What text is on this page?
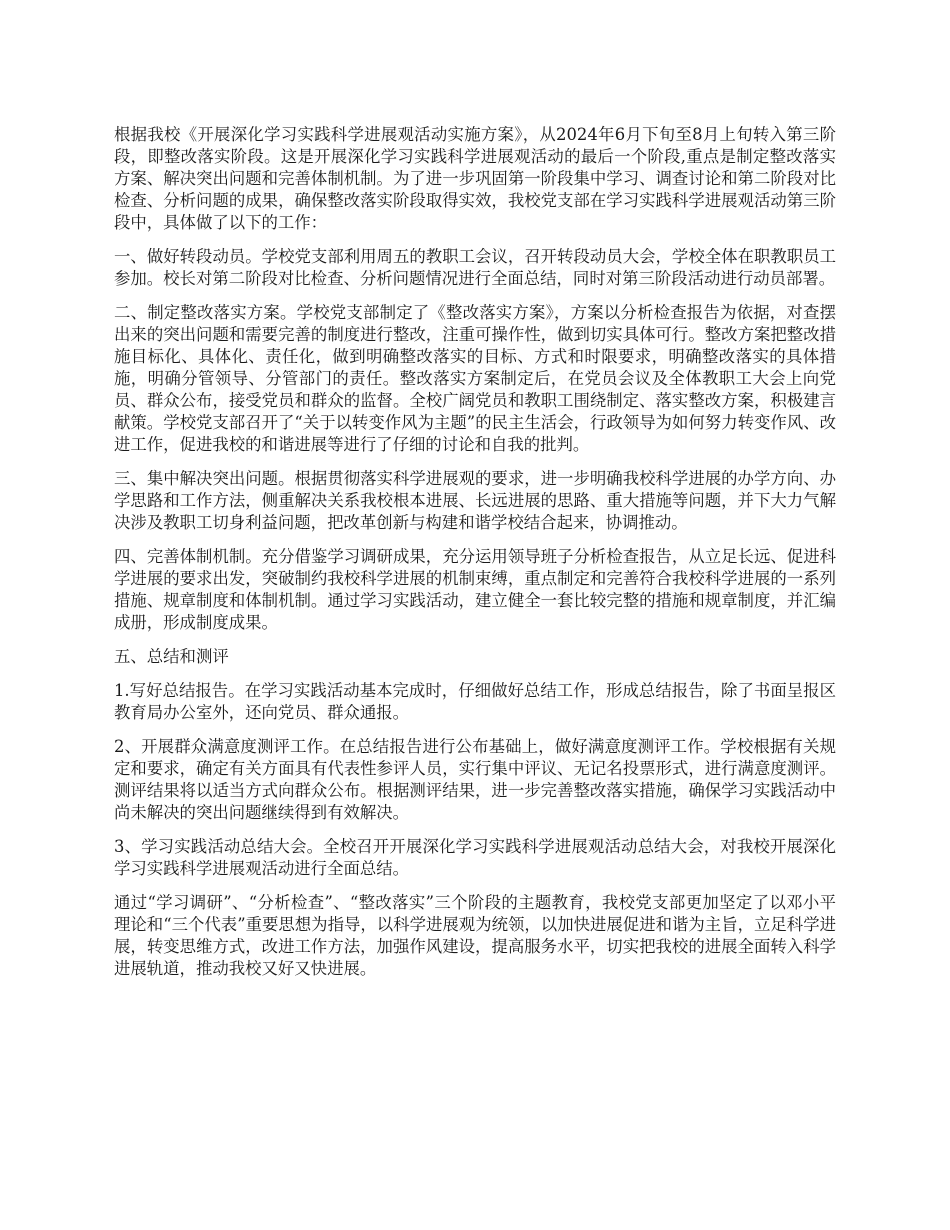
根据我校《开展深化学习实践科学进展观活动实施方案》，从2024年6月下旬至8月上旬转入第三阶段，即整改落实阶段。这是开展深化学习实践科学进展观活动的最后一个阶段,重点是制定整改落实方案、解决突出问题和完善体制机制。为了进一步巩固第一阶段集中学习、调查讨论和第二阶段对比检查、分析问题的成果，确保整改落实阶段取得实效，我校党支部在学习实践科学进展观活动第三阶段中，具体做了以下的工作：

一、做好转段动员。学校党支部利用周五的教职工会议，召开转段动员大会，学校全体在职教职员工参加。校长对第二阶段对比检查、分析问题情况进行全面总结，同时对第三阶段活动进行动员部署。

二、制定整改落实方案。学校党支部制定了《整改落实方案》，方案以分析检查报告为依据，对查摆出来的突出问题和需要完善的制度进行整改，注重可操作性，做到切实具体可行。整改方案把整改措施目标化、具体化、责任化，做到明确整改落实的目标、方式和时限要求，明确整改落实的具体措施，明确分管领导、分管部门的责任。整改落实方案制定后，在党员会议及全体教职工大会上向党员、群众公布，接受党员和群众的监督。全校广阔党员和教职工围绕制定、落实整改方案，积极建言献策。学校党支部召开了“关于以转变作风为主题”的民主生活会，行政领导为如何努力转变作风、改进工作，促进我校的和谐进展等进行了仔细的讨论和自我的批判。

三、集中解决突出问题。根据贯彻落实科学进展观的要求，进一步明确我校科学进展的办学方向、办学思路和工作方法，侧重解决关系我校根本进展、长远进展的思路、重大措施等问题，并下大力气解决涉及教职工切身利益问题，把改革创新与构建和谐学校结合起来，协调推动。

四、完善体制机制。充分借鉴学习调研成果，充分运用领导班子分析检查报告，从立足长远、促进科学进展的要求出发，突破制约我校科学进展的机制束缚，重点制定和完善符合我校科学进展的一系列措施、规章制度和体制机制。通过学习实践活动，建立健全一套比较完整的措施和规章制度，并汇编成册，形成制度成果。

五、总结和测评

1.写好总结报告。在学习实践活动基本完成时，仔细做好总结工作，形成总结报告，除了书面呈报区教育局办公室外，还向党员、群众通报。

2、开展群众满意度测评工作。在总结报告进行公布基础上，做好满意度测评工作。学校根据有关规定和要求，确定有关方面具有代表性参评人员，实行集中评议、无记名投票形式，进行满意度测评。测评结果将以适当方式向群众公布。根据测评结果，进一步完善整改落实措施，确保学习实践活动中尚未解决的突出问题继续得到有效解决。

3、学习实践活动总结大会。全校召开开展深化学习实践科学进展观活动总结大会，对我校开展深化学习实践科学进展观活动进行全面总结。

通过“学习调研”、“分析检查”、“整改落实”三个阶段的主题教育，我校党支部更加坚定了以邓小平理论和“三个代表”重要思想为指导，以科学进展观为统领，以加快进展促进和谐为主旨，立足科学进展，转变思维方式，改进工作方法，加强作风建设，提高服务水平，切实把我校的进展全面转入科学进展轨道，推动我校又好又快进展。
